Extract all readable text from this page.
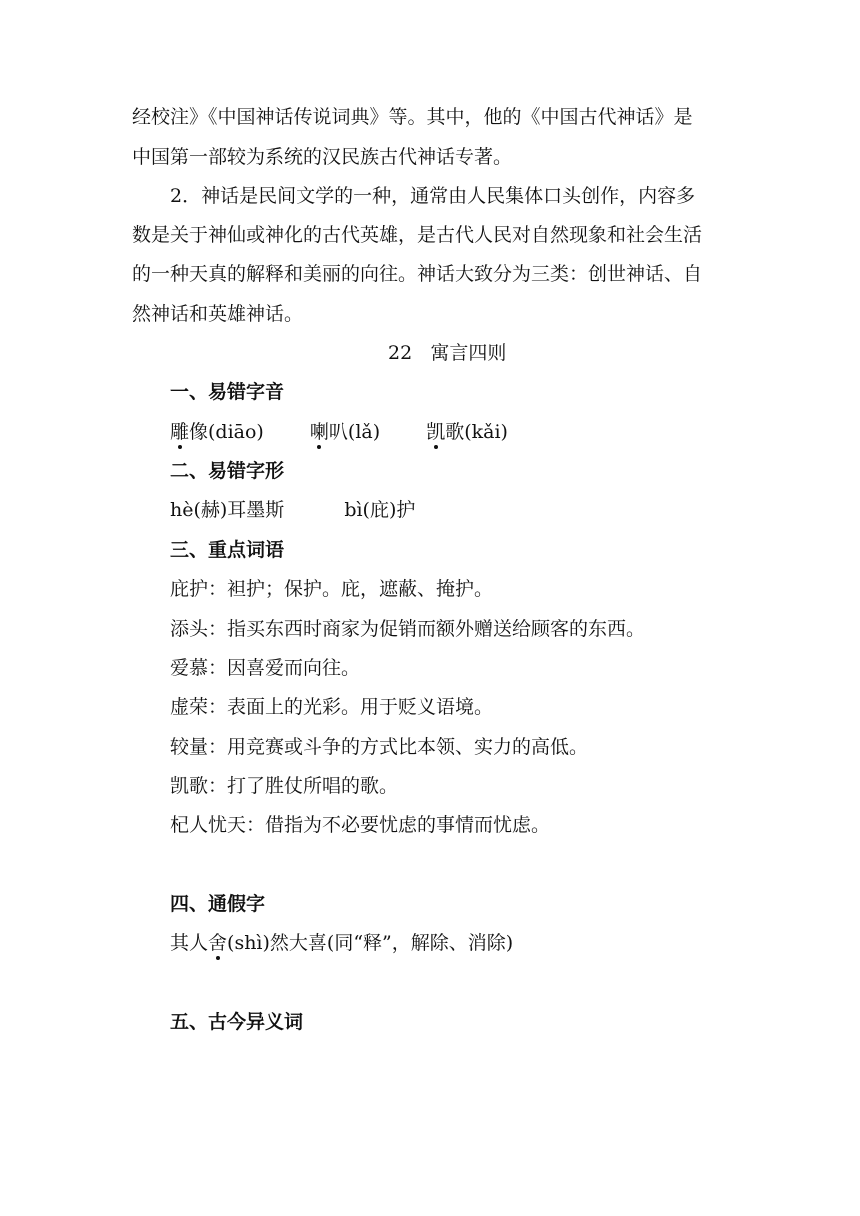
经校注》《中国神话传说词典》等。其中，他的《中国古代神话》是
中国第一部较为系统的汉民族古代神话专著。
2．神话是民间文学的一种，通常由人民集体口头创作，内容多
数是关于神仙或神化的古代英雄，是古代人民对自然现象和社会生活
的一种天真的解释和美丽的向往。神话大致分为三类：创世神话、自
然神话和英雄神话。
22 寓言四则
一、易错字音
雕像(diāo) 喇叭(lǎ) 凯歌(kǎi)
二、易错字形
hè(赫)耳墨斯	bì(庇)护
三、重点词语
庇护：袒护；保护。庇，遮蔽、掩护。
添头：指买东西时商家为促销而额外赠送给顾客的东西。
爱慕：因喜爱而向往。
虚荣：表面上的光彩。用于贬义语境。
较量：用竞赛或斗争的方式比本领、实力的高低。
凯歌：打了胜仗所唱的歌。
杞人忧天：借指为不必要忧虑的事情而忧虑。
四、通假字
其人舍(shì)然大喜(同“释”，解除、消除)
五、古今异义词
